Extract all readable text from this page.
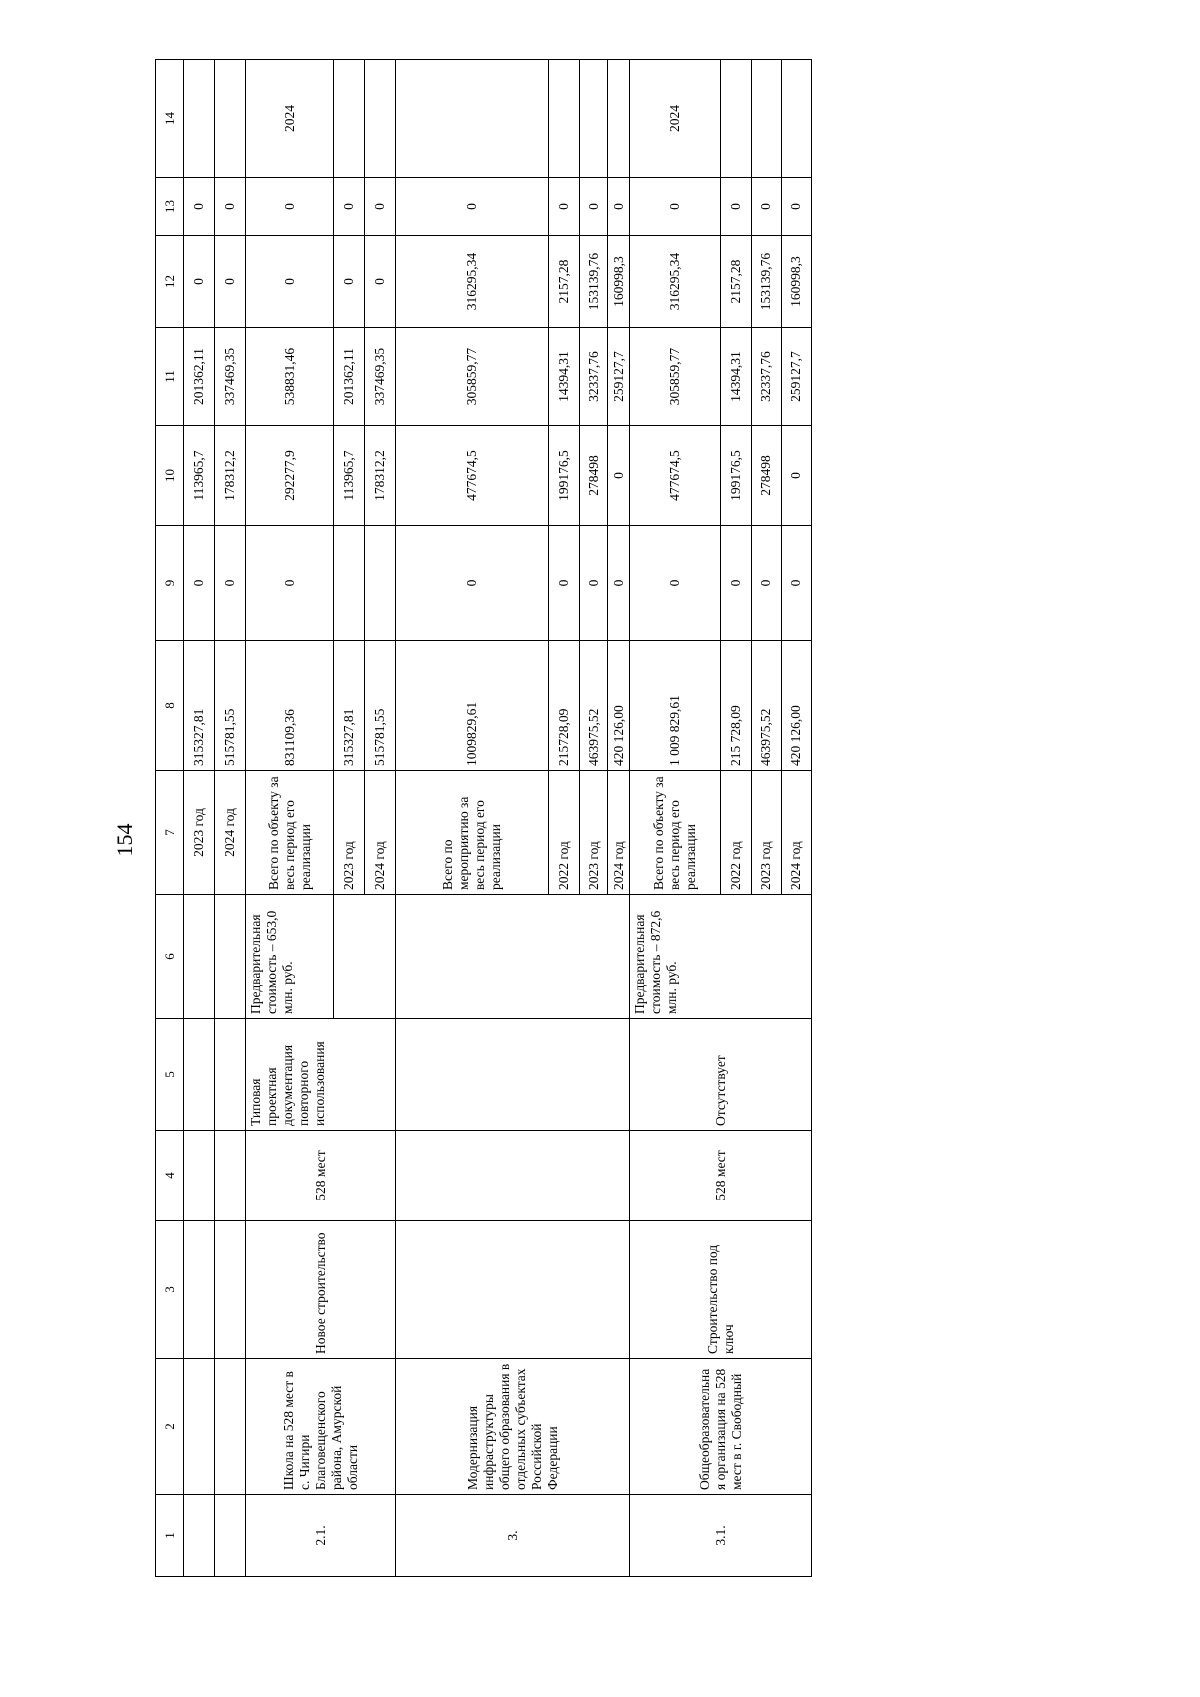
154
1	2	3	4	5	6	7	8	9	10	11	12	13	14
						2023 год	315327,81	0	113965,7	201362,11	0	0	
						2024 год	515781,55	0	178312,2	337469,35	0	0	
2.1.	Школа на 528 мест в с. Чигири Благовещенского района, Амурской области	Новое строительство	528 мест	Типовая проектная документация повторного использования	Предварительная стоимость – 653,0 млн. руб.	Всего по объекту за весь период его реализации	831109,36	0	292277,9	538831,46	0	0	2024
						2023 год	315327,81		113965,7	201362,11	0	0	
						2024 год	515781,55		178312,2	337469,35	0	0	
3.	Модернизация инфраструктуры общего образования в отдельных субъектах Российской Федерации					Всего по мероприятию за весь период его реализации	1009829,61	0	477674,5	305859,77	316295,34	0	
						2022 год	215728,09	0	199176,5	14394,31	2157,28	0	
						2023 год	463975,52	0	278498	32337,76	153139,76	0	
						2024 год	420 126,00	0	0	259127,7	160998,3	0	
3.1.	Общеобразовательная организация на 528 мест в г. Свободный	Строительство под ключ	528 мест	Отсутствует	Предварительная стоимость – 872,6 млн. руб.	Всего по объекту за весь период его реализации	1 009 829,61	0	477674,5	305859,77	316295,34	0	2024
						2022 год	215 728,09	0	199176,5	14394,31	2157,28	0	
						2023 год	463975,52	0	278498	32337,76	153139,76	0	
						2024 год	420 126,00	0	0	259127,7	160998,3	0	
